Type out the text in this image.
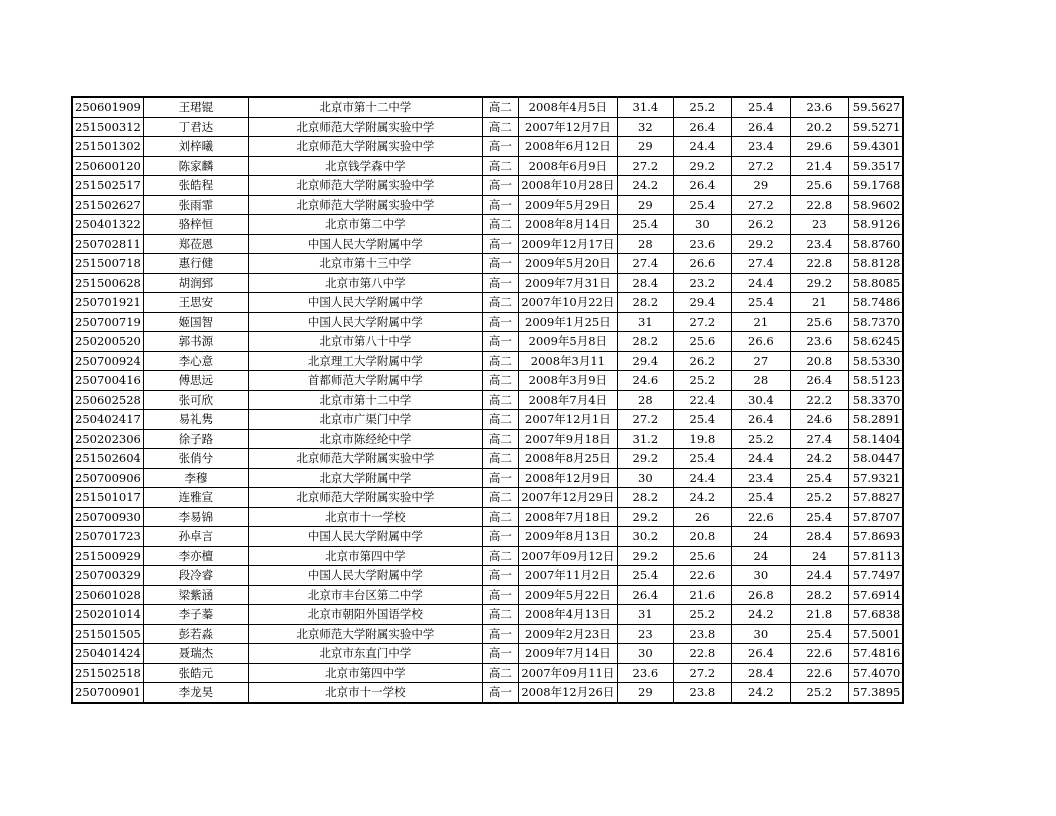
250601909	王珺锟	北京市第十二中学	高二	2008年4月5日	31.4	25.2	25.4	23.6	59.5627
251500312	丁君达	北京师范大学附属实验中学	高二	2007年12月7日	32	26.4	26.4	20.2	59.5271
251501302	刘梓曦	北京师范大学附属实验中学	高一	2008年6月12日	29	24.4	23.4	29.6	59.4301
250600120	陈家麟	北京钱学森中学	高二	2008年6月9日	27.2	29.2	27.2	21.4	59.3517
251502517	张皓程	北京师范大学附属实验中学	高一	2008年10月28日	24.2	26.4	29	25.6	59.1768
251502627	张雨霏	北京师范大学附属实验中学	高一	2009年5月29日	29	25.4	27.2	22.8	58.9602
250401322	骆梓恒	北京市第二中学	高二	2008年8月14日	25.4	30	26.2	23	58.9126
250702811	郑莅恩	中国人民大学附属中学	高一	2009年12月17日	28	23.6	29.2	23.4	58.8760
251500718	惠行健	北京市第十三中学	高一	2009年5月20日	27.4	26.6	27.4	22.8	58.8128
251500628	胡润郅	北京市第八中学	高一	2009年7月31日	28.4	23.2	24.4	29.2	58.8085
250701921	王思安	中国人民大学附属中学	高二	2007年10月22日	28.2	29.4	25.4	21	58.7486
250700719	姬国智	中国人民大学附属中学	高一	2009年1月25日	31	27.2	21	25.6	58.7370
250200520	郭书源	北京市第八十中学	高一	2009年5月8日	28.2	25.6	26.6	23.6	58.6245
250700924	李心意	北京理工大学附属中学	高二	2008年3月11	29.4	26.2	27	20.8	58.5330
250700416	傅思远	首都师范大学附属中学	高二	2008年3月9日	24.6	25.2	28	26.4	58.5123
250602528	张可欣	北京市第十二中学	高二	2008年7月4日	28	22.4	30.4	22.2	58.3370
250402417	易礼隽	北京市广渠门中学	高二	2007年12月1日	27.2	25.4	26.4	24.6	58.2891
250202306	徐子路	北京市陈经纶中学	高二	2007年9月18日	31.2	19.8	25.2	27.4	58.1404
251502604	张俏兮	北京师范大学附属实验中学	高二	2008年8月25日	29.2	25.4	24.4	24.2	58.0447
250700906	李穆	北京大学附属中学	高一	2008年12月9日	30	24.4	23.4	25.4	57.9321
251501017	连雅宣	北京师范大学附属实验中学	高二	2007年12月29日	28.2	24.2	25.4	25.2	57.8827
250700930	李易锦	北京市十一学校	高二	2008年7月18日	29.2	26	22.6	25.4	57.8707
250701723	孙卓言	中国人民大学附属中学	高一	2009年8月13日	30.2	20.8	24	28.4	57.8693
251500929	李亦檀	北京市第四中学	高二	2007年09月12日	29.2	25.6	24	24	57.8113
250700329	段冷睿	中国人民大学附属中学	高一	2007年11月2日	25.4	22.6	30	24.4	57.7497
250601028	梁紫涵	北京市丰台区第二中学	高一	2009年5月22日	26.4	21.6	26.8	28.2	57.6914
250201014	李子蓁	北京市朝阳外国语学校	高二	2008年4月13日	31	25.2	24.2	21.8	57.6838
251501505	彭若淼	北京师范大学附属实验中学	高一	2009年2月23日	23	23.8	30	25.4	57.5001
250401424	聂瑞杰	北京市东直门中学	高一	2009年7月14日	30	22.8	26.4	22.6	57.4816
251502518	张皓元	北京市第四中学	高二	2007年09月11日	23.6	27.2	28.4	22.6	57.4070
250700901	李龙昊	北京市十一学校	高一	2008年12月26日	29	23.8	24.2	25.2	57.3895
